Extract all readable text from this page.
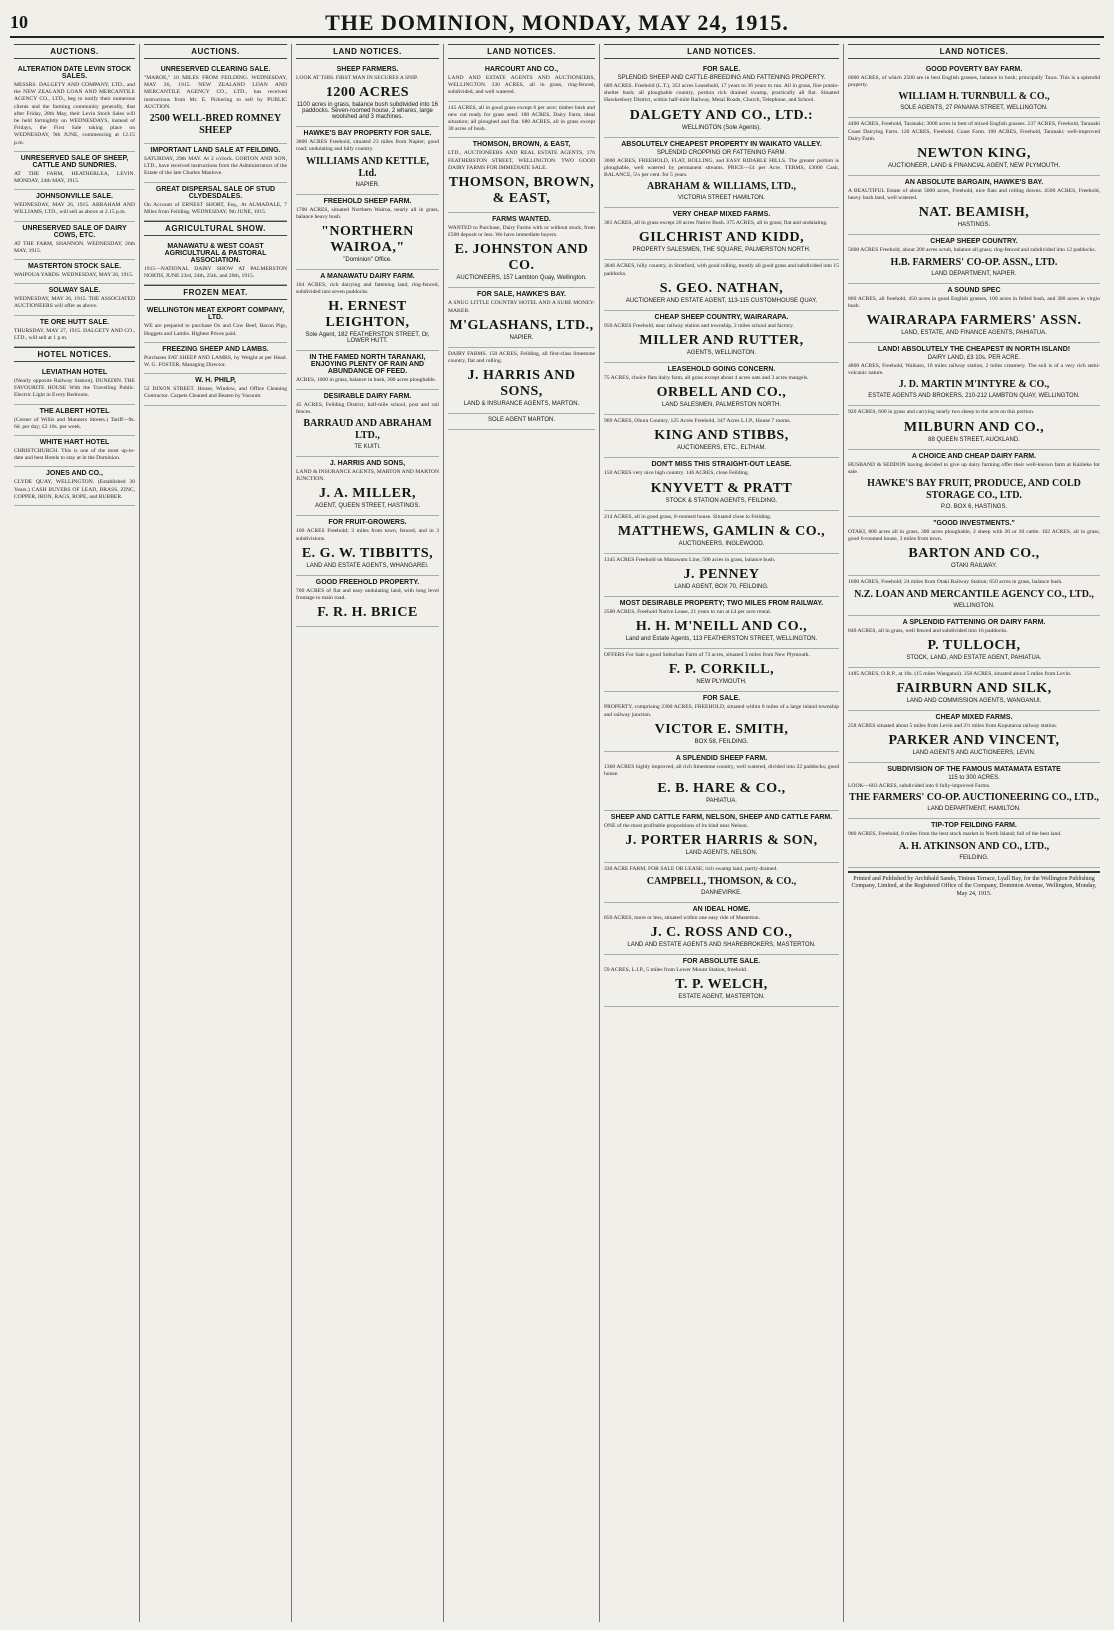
10	THE DOMINION, MONDAY, MAY 24, 1915.
AUCTIONS.
ALTERATION DATE LEVIN STOCK SALES.

MESSRS. DALGETY AND COMPANY, LTD., and the NEW ZEALAND LOAN AND MERCANTILE AGENCY CO., LTD., beg to notify their numerous clients and the farming community generally, that after Friday, 28th May, their Levin Stock Sales will be held fortnightly on WEDNESDAYS, instead of Fridays, the First Sale taking place on WEDNESDAY, 9th JUNE, commencing at 12.15 p.m.

UNRESERVED SALE OF SHEEP, CATTLE AND SUNDRIES.

AT THE FARM, HEATHERLEA, LEVIN. MONDAY, 24th MAY, 1915.

JOHNSONVILLE SALE.

WEDNESDAY, MAY 26, 1915. ABRAHAM AND WILLIAMS, LTD., will sell as above at 2.15 p.m.

UNRESERVED SALE OF DAIRY COWS, ETC.

AT THE FARM, SHANNON. WEDNESDAY, 26th MAY, 1915.

MASTERTON STOCK SALE.

WAIPOUA YARDS. WEDNESDAY, MAY 26, 1915.

SOLWAY SALE.

WEDNESDAY, MAY 26, 1915. THE ASSOCIATED AUCTIONEERS will offer as above.

TE ORE HUTT SALE.

THURSDAY, MAY 27, 1915. DALGETY AND CO., LTD., will sell at 1 p.m.

HOTEL NOTICES.
LEVIATHAN HOTEL

(Nearly opposite Railway Station), DUNEDIN. THE FAVOURITE HOUSE With the Travelling Public. Electric Light in Every Bedroom.

THE ALBERT HOTEL

(Corner of Willis and Manners Streets.) Tariff—9s. 6d. per day; £2 10s. per week.

WHITE HART HOTEL

CHRISTCHURCH. This is one of the most up-to-date and best Hotels to stay at in the Dominion.

JONES AND CO.,

CLYDE QUAY, WELLINGTON. (Established 30 Years.) CASH BUYERS OF LEAD, BRASS, ZINC, COPPER, IRON, RAGS, ROPE, and RUBBER.

AUCTIONS.
UNRESERVED CLEARING SALE.

"MAROE," 10 MILES FROM FEILDING. WEDNESDAY, MAY 26, 1915. NEW ZEALAND LOAN AND MERCANTILE AGENCY CO., LTD., has received instructions from Mr. E. Pickering to sell by PUBLIC AUCTION.

2500 WELL-BRED ROMNEY SHEEP
IMPORTANT LAND SALE AT FEILDING.

SATURDAY, 29th MAY. At 2 o'clock. GORTON AND SON, LTD., have received instructions from the Administrators of the Estate of the late Charles Manlove.

GREAT DISPERSAL SALE OF STUD CLYDESDALES.

On Account of ERNEST SHORT, Esq., At ALMADALE, 7 Miles from Feilding. WEDNESDAY, 9th JUNE, 1915.

AGRICULTURAL SHOW.
MANAWATU & WEST COAST AGRICULTURAL & PASTORAL ASSOCIATION.

1915—NATIONAL DAIRY SHOW AT PALMERSTON NORTH, JUNE 23rd, 24th, 25th, and 26th, 1915.

FROZEN MEAT.
WELLINGTON MEAT EXPORT COMPANY, LTD.

WE are prepared to purchase Ox and Cow Beef, Bacon Pigs, Hoggets and Lambs. Highest Prices paid.

FREEZING SHEEP AND LAMBS.

Purchases FAT SHEEP AND LAMBS, by Weight at per Head. W. G. FOSTER, Managing Director.

W. H. PHILP,

52 DIXON STREET. House, Window, and Office Cleaning Contractor. Carpets Cleaned and Beaten by Vacuum.

LAND NOTICES.
SHEEP FARMERS.

LOOK AT THIS. FIRST MAN IN SECURES A SNIP.

1200 ACRES
1100 acres in grass, balance bush subdivided into 16 paddocks. Seven-roomed house, 2 whares, large woolshed and 3 machines.
HAWKE'S BAY PROPERTY FOR SALE.

3800 ACRES Freehold, situated 23 miles from Napier; good road; undulating and hilly country.

WILLIAMS AND KETTLE, Ltd.
NAPIER.
FREEHOLD SHEEP FARM.

1700 ACRES, situated Northern Wairoa, nearly all in grass, balance heavy bush.

"NORTHERN WAIROA,"
"Dominion" Office.
A MANAWATU DAIRY FARM.

104 ACRES, rich dairying and fattening land, ring-fenced, subdivided into seven paddocks.

H. ERNEST LEIGHTON,
Sole Agent, 182 FEATHERSTON STREET, Or, LOWER HUTT.
IN THE FAMED NORTH TARANAKI, ENJOYING PLENTY OF RAIN AND ABUNDANCE OF FEED.

ACRES, 1000 in grass, balance in bush, 300 acres ploughable.

DESIRABLE DAIRY FARM.

45 ACRES, Feilding District, half-mile school, post and rail fences.

BARRAUD AND ABRAHAM LTD.,
TE KUITI.
J. HARRIS AND SONS,

LAND & INSURANCE AGENTS, MARTON AND MARTON JUNCTION.

J. A. MILLER,
AGENT, QUEEN STREET, HASTINGS.
FOR FRUIT-GROWERS.

100 ACRES Freehold; 3 miles from town, fenced, and in 3 subdivisions.

E. G. W. TIBBITTS,
LAND AND ESTATE AGENTS, WHANGAREI.
GOOD FREEHOLD PROPERTY.

700 ACRES of flat and easy undulating land, with long level frontage to main road.

F. R. H. BRICE
LAND NOTICES.
HARCOURT AND CO.,

LAND AND ESTATE AGENTS AND AUCTIONEERS, WELLINGTON. 330 ACRES, all in grass, ring-fenced, subdivided, and well watered.

145 ACRES, all in good grass except 6 per acre; timber bush and new cut ready for grass seed. 100 ACRES, Dairy Farm, ideal situation; all ploughed and flat. 680 ACRES, all in grass except 30 acres of bush.

THOMSON, BROWN, & EAST,

LTD., AUCTIONEERS AND REAL ESTATE AGENTS, 176 FEATHERSTON STREET, WELLINGTON. TWO GOOD DAIRY FARMS FOR IMMEDIATE SALE.

THOMSON, BROWN, & EAST,
FARMS WANTED.

WANTED to Purchase, Dairy Farms with or without stock, from £500 deposit or less. We have immediate buyers.

E. JOHNSTON AND CO.
AUCTIONEERS, 157 Lambton Quay, Wellington.
FOR SALE, HAWKE'S BAY.

A SNUG LITTLE COUNTRY HOTEL AND A SURE MONEY-MAKER.

M'GLASHANS, LTD.,
NAPIER.

DAIRY FARMS. 150 ACRES, Feilding, all first-class limestone country, flat and rolling.

J. HARRIS AND SONS,
LAND & INSURANCE AGENTS, MARTON.
SOLE AGENT MARTON.
LAND NOTICES.
FOR SALE.
SPLENDID SHEEP AND CATTLE-BREEDING AND FATTENING PROPERTY.

689 ACRES. Freehold (L.T.), 353 acres Leasehold, 17 years to 36 years to run. All in grass, fine potato-shelter bush; all ploughable country, portion rich drained swamp, practically all flat. Situated Hawkesbury District, within half-mile Railway, Metal Roads, Church, Telephone, and School.

DALGETY AND CO., LTD.:
WELLINGTON (Sole Agents).
ABSOLUTELY CHEAPEST PROPERTY IN WAIKATO VALLEY.
SPLENDID CROPPING OR FATTENING FARM.

3000 ACRES, FREEHOLD, FLAT, ROLLING, and EASY RIDABLE HILLS. The greater portion is ploughable, well watered by permanent streams. PRICE—£4 per Acre. TERMS, £3000 Cash, BALANCE, 5¼ per cent. for 5 years.

ABRAHAM & WILLIAMS, LTD.,
VICTORIA STREET HAMILTON.
VERY CHEAP MIXED FARMS.

381 ACRES, all in grass except 20 acres Native Bush. 375 ACRES, all in grass; flat and undulating.

GILCHRIST AND KIDD,
PROPERTY SALESMEN, THE SQUARE, PALMERSTON NORTH.

3846 ACRES, hilly country, in Stratford, with good rolling, mostly all good grass and subdivided into 15 paddocks.

S. GEO. NATHAN,
AUCTIONEER AND ESTATE AGENT, 113-115 CUSTOMHOUSE QUAY.
CHEAP SHEEP COUNTRY, WAIRARAPA.

950 ACRES Freehold, near railway station and township, 2 miles school and factory.

MILLER AND RUTTER,
AGENTS, WELLINGTON.
LEASEHOLD GOING CONCERN.

75 ACRES, choice flats dairy farm, all grass except about 4 acres oats and 3 acres mangels.

ORBELL AND CO.,
LAND SALESMEN, PALMERSTON NORTH.

909 ACRES, Ohura Country, 125 Acres Freehold, 347 Acres L.I.P., House 7 rooms.

KING AND STIBBS,
AUCTIONEERS, ETC., ELTHAM.
DON'T MISS THIS STRAIGHT-OUT LEASE.

150 ACRES very nice high country. 146 ACRES, close Feilding.

KNYVETT & PRATT
STOCK & STATION AGENTS, FEILDING.

214 ACRES, all in good grass, 8-roomed house. Situated close to Feilding.

MATTHEWS, GAMLIN & CO.,
AUCTIONEERS, INGLEWOOD.

1345 ACRES Freehold on Manawatu Line; 500 acres in grass, balance bush.

J. PENNEY
LAND AGENT, BOX 70, FEILDING.
MOST DESIRABLE PROPERTY; TWO MILES FROM RAILWAY.

2500 ACRES, Freehold Native Lease, 21 years to run at £4 per acre rental.

H. H. M'NEILL AND CO.,
Land and Estate Agents, 113 FEATHERSTON STREET, WELLINGTON.

OFFERS For Sale a good Suburban Farm of 73 acres, situated 3 miles from New Plymouth.

F. P. CORKILL,
NEW PLYMOUTH.
FOR SALE.

PROPERTY, comprising 2300 ACRES, FREEHOLD, situated within 8 miles of a large inland township and railway junction.

VICTOR E. SMITH,
BOX 58, FEILDING.
A SPLENDID SHEEP FARM.

1360 ACRES highly improved, all rich limestone country, well watered, divided into 22 paddocks; good house.

E. B. HARE & CO.,
PAHIATUA.
SHEEP AND CATTLE FARM, NELSON, SHEEP AND CATTLE FARM.

ONE of the most profitable propositions of its kind near Nelson.

J. PORTER HARRIS & SON,
LAND AGENTS, NELSON.

330 ACRE FARM, FOR SALE OR LEASE; rich swamp land, partly drained.

CAMPBELL, THOMSON, & CO.,
DANNEVIRKE.
AN IDEAL HOME.

850 ACRES, more or less, situated within one easy ride of Masterton.

J. C. ROSS AND CO.,
LAND AND ESTATE AGENTS AND SHAREBROKERS, MASTERTON.
FOR ABSOLUTE SALE.

59 ACRES, L.I.P., 5 miles from Lower Mount Station, freehold.

T. P. WELCH,
ESTATE AGENT, MASTERTON.
LAND NOTICES.
GOOD POVERTY BAY FARM.

6000 ACRES, of which 2500 are in best English grasses, balance in bush; principally Tawa. This is a splendid property.

WILLIAM H. TURNBULL & CO.,
SOLE AGENTS, 27 PANAMA STREET, WELLINGTON.

4400 ACRES, Freehold, Taranaki; 3000 acres in best of mixed English grasses. 237 ACRES, Freehold, Taranaki Coast Dairying Farm. 120 ACRES, Freehold, Coast Farm. 100 ACRES, Freehold, Taranaki; well-improved Dairy Farm.

NEWTON KING,
AUCTIONEER, LAND & FINANCIAL AGENT, NEW PLYMOUTH.
AN ABSOLUTE BARGAIN, HAWKE'S BAY.

A BEAUTIFUL Estate of about 5000 acres, Freehold, nice flats and rolling downs. 4500 ACRES, Freehold, heavy bush land, well watered.

NAT. BEAMISH,
HASTINGS.
CHEAP SHEEP COUNTRY.

5600 ACRES Freehold, about 200 acres scrub, balance all grass; ring-fenced and subdivided into 12 paddocks.

H.B. FARMERS' CO-OP. ASSN., LTD.
LAND DEPARTMENT, NAPIER.
A SOUND SPEC

860 ACRES, all freehold, 450 acres in good English grasses, 100 acres in felled bush, and 300 acres in virgin bush.

WAIRARAPA FARMERS' ASSN.
LAND, ESTATE, AND FINANCE AGENTS, PAHIATUA.
LAND! ABSOLUTELY THE CHEAPEST IN NORTH ISLAND!
DAIRY LAND, £3 10s. PER ACRE.

4800 ACRES, Freehold, Waikato, 18 miles railway station, 2 miles creamery. The soil is of a very rich semi-volcanic nature.

J. D. MARTIN M'INTYRE & CO.,
ESTATE AGENTS AND BROKERS, 210-212 LAMBTON QUAY, WELLINGTON.

920 ACRES, 600 in grass and carrying nearly two sheep to the acre on this portion.

MILBURN AND CO.,
88 QUEEN STREET, AUCKLAND.
A CHOICE AND CHEAP DAIRY FARM.

HUSBAND & SEDDON having decided to give up dairy farming offer their well-known farm at Kaitieke for sale.

HAWKE'S BAY FRUIT, PRODUCE, AND COLD STORAGE CO., LTD.
P.O. BOX 6, HASTINGS.
"GOOD INVESTMENTS."

OTAKI, 800 acres all in grass, 300 acres ploughable, 2 sheep with 20 or 30 cattle. 102 ACRES, all in grass, good 6-roomed house, 3 miles from town.

BARTON AND CO.,
OTAKI RAILWAY.

1600 ACRES, Freehold; 24 miles from Otaki Railway Station; 650 acres in grass, balance bush.

N.Z. LOAN AND MERCANTILE AGENCY CO., LTD.,
WELLINGTON.
A SPLENDID FATTENING OR DAIRY FARM.

840 ACRES, all in grass, well fenced and subdivided into 16 paddocks.

P. TULLOCH,
STOCK, LAND, AND ESTATE AGENT, PAHIATUA.

1485 ACRES, O.R.P., at 10s. (15 miles Wanganui). 258 ACRES, situated about 5 miles from Levin.

FAIRBURN AND SILK,
LAND AND COMMISSION AGENTS, WANGANUI.
CHEAP MIXED FARMS.

258 ACRES situated about 5 miles from Levin and 2½ miles from Koputaroa railway station.

PARKER AND VINCENT,
LAND AGENTS AND AUCTIONEERS, LEVIN.
SUBDIVISION OF THE FAMOUS MATAMATA ESTATE
115 to 300 ACRES.

LOOK—603 ACRES, subdivided into 6 fully-improved Farms.

THE FARMERS' CO-OP. AUCTIONEERING CO., LTD.,
LAND DEPARTMENT, HAMILTON.
TIP-TOP FEILDING FARM.

900 ACRES, Freehold, 8 miles from the best stock market in North Island; full of the best land.

A. H. ATKINSON AND CO., LTD.,
FEILDING.
Printed and Published by Archibald Sando, Tinirau Terrace, Lyall Bay, for the Wellington Publishing Company, Limited, at the Registered Office of the Company, Dominion Avenue, Wellington, Monday, May 24, 1915.
